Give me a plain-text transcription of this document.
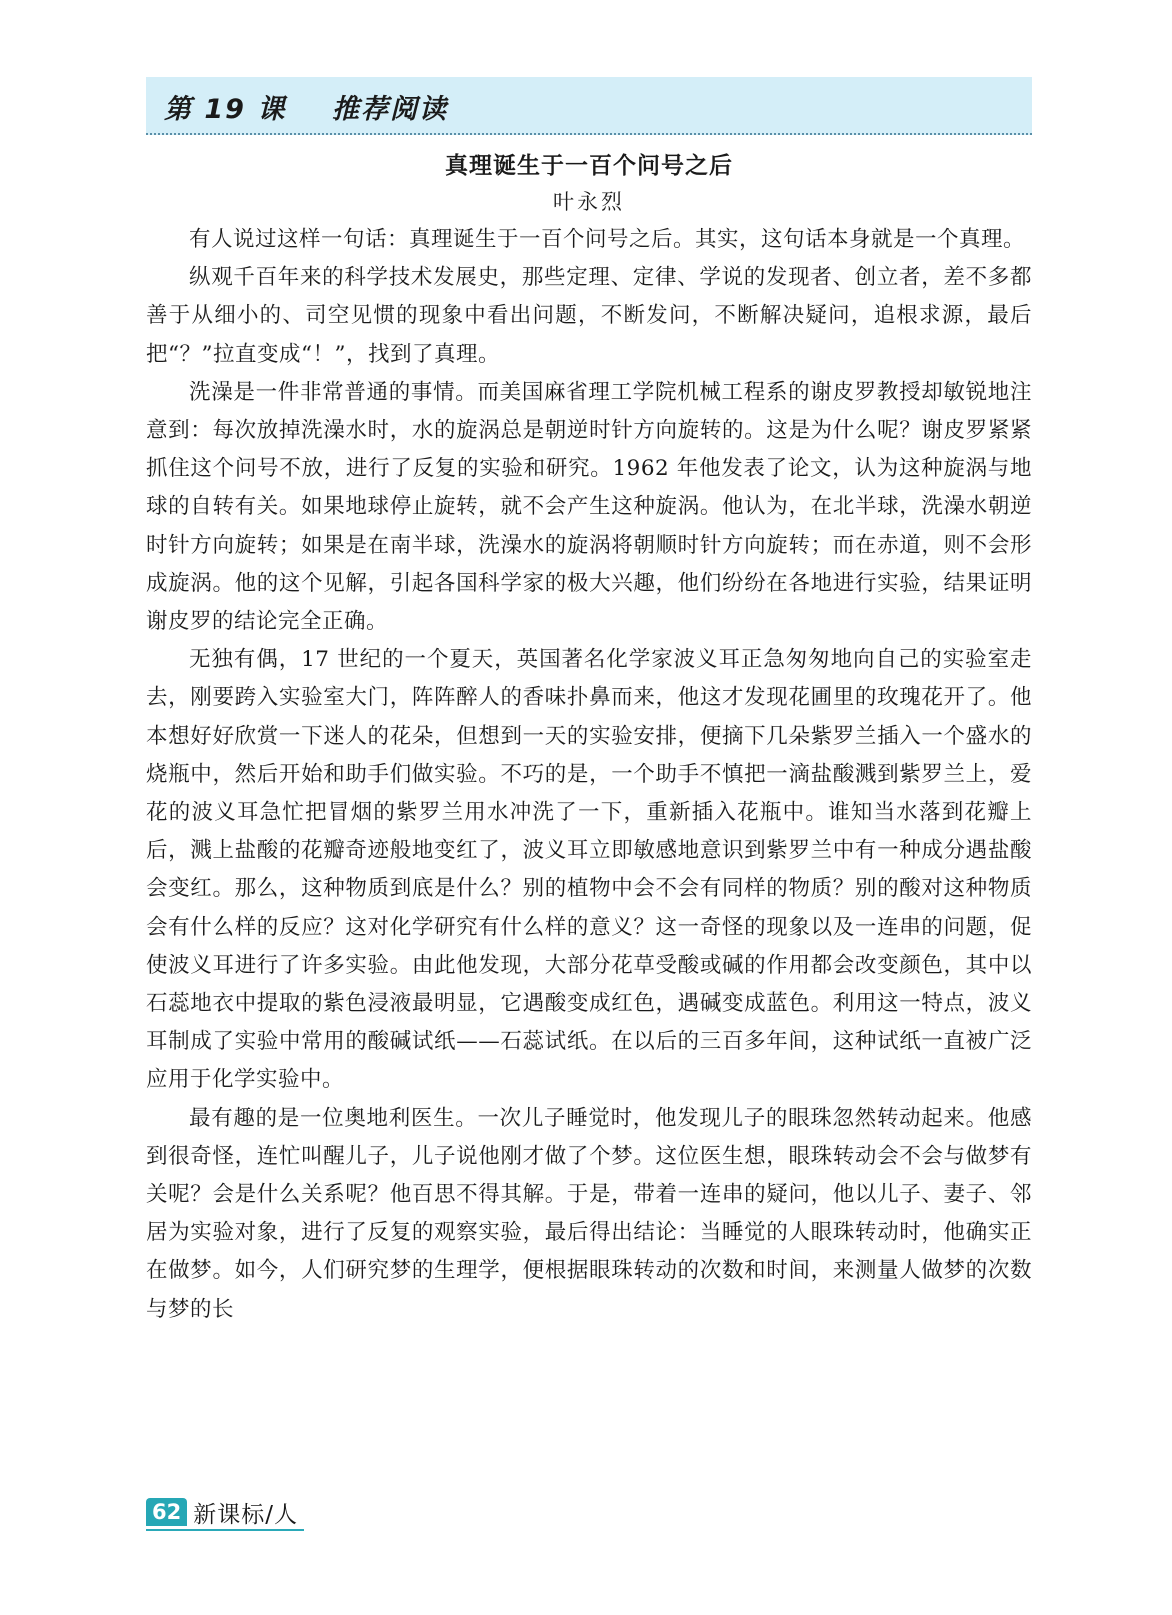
第 19 课    推荐阅读
真理诞生于一百个问号之后
叶永烈

有人说过这样一句话：真理诞生于一百个问号之后。其实，这句话本身就是一个真理。

纵观千百年来的科学技术发展史，那些定理、定律、学说的发现者、创立者，差不多都善于从细小的、司空见惯的现象中看出问题，不断发问，不断解决疑问，追根求源，最后把“？”拉直变成“！”，找到了真理。

洗澡是一件非常普通的事情。而美国麻省理工学院机械工程系的谢皮罗教授却敏锐地注意到：每次放掉洗澡水时，水的旋涡总是朝逆时针方向旋转的。这是为什么呢？谢皮罗紧紧抓住这个问号不放，进行了反复的实验和研究。1962 年他发表了论文，认为这种旋涡与地球的自转有关。如果地球停止旋转，就不会产生这种旋涡。他认为，在北半球，洗澡水朝逆时针方向旋转；如果是在南半球，洗澡水的旋涡将朝顺时针方向旋转；而在赤道，则不会形成旋涡。他的这个见解，引起各国科学家的极大兴趣，他们纷纷在各地进行实验，结果证明谢皮罗的结论完全正确。

无独有偶，17 世纪的一个夏天，英国著名化学家波义耳正急匆匆地向自己的实验室走去，刚要跨入实验室大门，阵阵醉人的香味扑鼻而来，他这才发现花圃里的玫瑰花开了。他本想好好欣赏一下迷人的花朵，但想到一天的实验安排，便摘下几朵紫罗兰插入一个盛水的烧瓶中，然后开始和助手们做实验。不巧的是，一个助手不慎把一滴盐酸溅到紫罗兰上，爱花的波义耳急忙把冒烟的紫罗兰用水冲洗了一下，重新插入花瓶中。谁知当水落到花瓣上后，溅上盐酸的花瓣奇迹般地变红了，波义耳立即敏感地意识到紫罗兰中有一种成分遇盐酸会变红。那么，这种物质到底是什么？别的植物中会不会有同样的物质？别的酸对这种物质会有什么样的反应？这对化学研究有什么样的意义？这一奇怪的现象以及一连串的问题，促使波义耳进行了许多实验。由此他发现，大部分花草受酸或碱的作用都会改变颜色，其中以石蕊地衣中提取的紫色浸液最明显，它遇酸变成红色，遇碱变成蓝色。利用这一特点，波义耳制成了实验中常用的酸碱试纸——石蕊试纸。在以后的三百多年间，这种试纸一直被广泛应用于化学实验中。

最有趣的是一位奥地利医生。一次儿子睡觉时，他发现儿子的眼珠忽然转动起来。他感到很奇怪，连忙叫醒儿子，儿子说他刚才做了个梦。这位医生想，眼珠转动会不会与做梦有关呢？会是什么关系呢？他百思不得其解。于是，带着一连串的疑问，他以儿子、妻子、邻居为实验对象，进行了反复的观察实验，最后得出结论：当睡觉的人眼珠转动时，他确实正在做梦。如今，人们研究梦的生理学，便根据眼珠转动的次数和时间，来测量人做梦的次数与梦的长

62 新课标/人
